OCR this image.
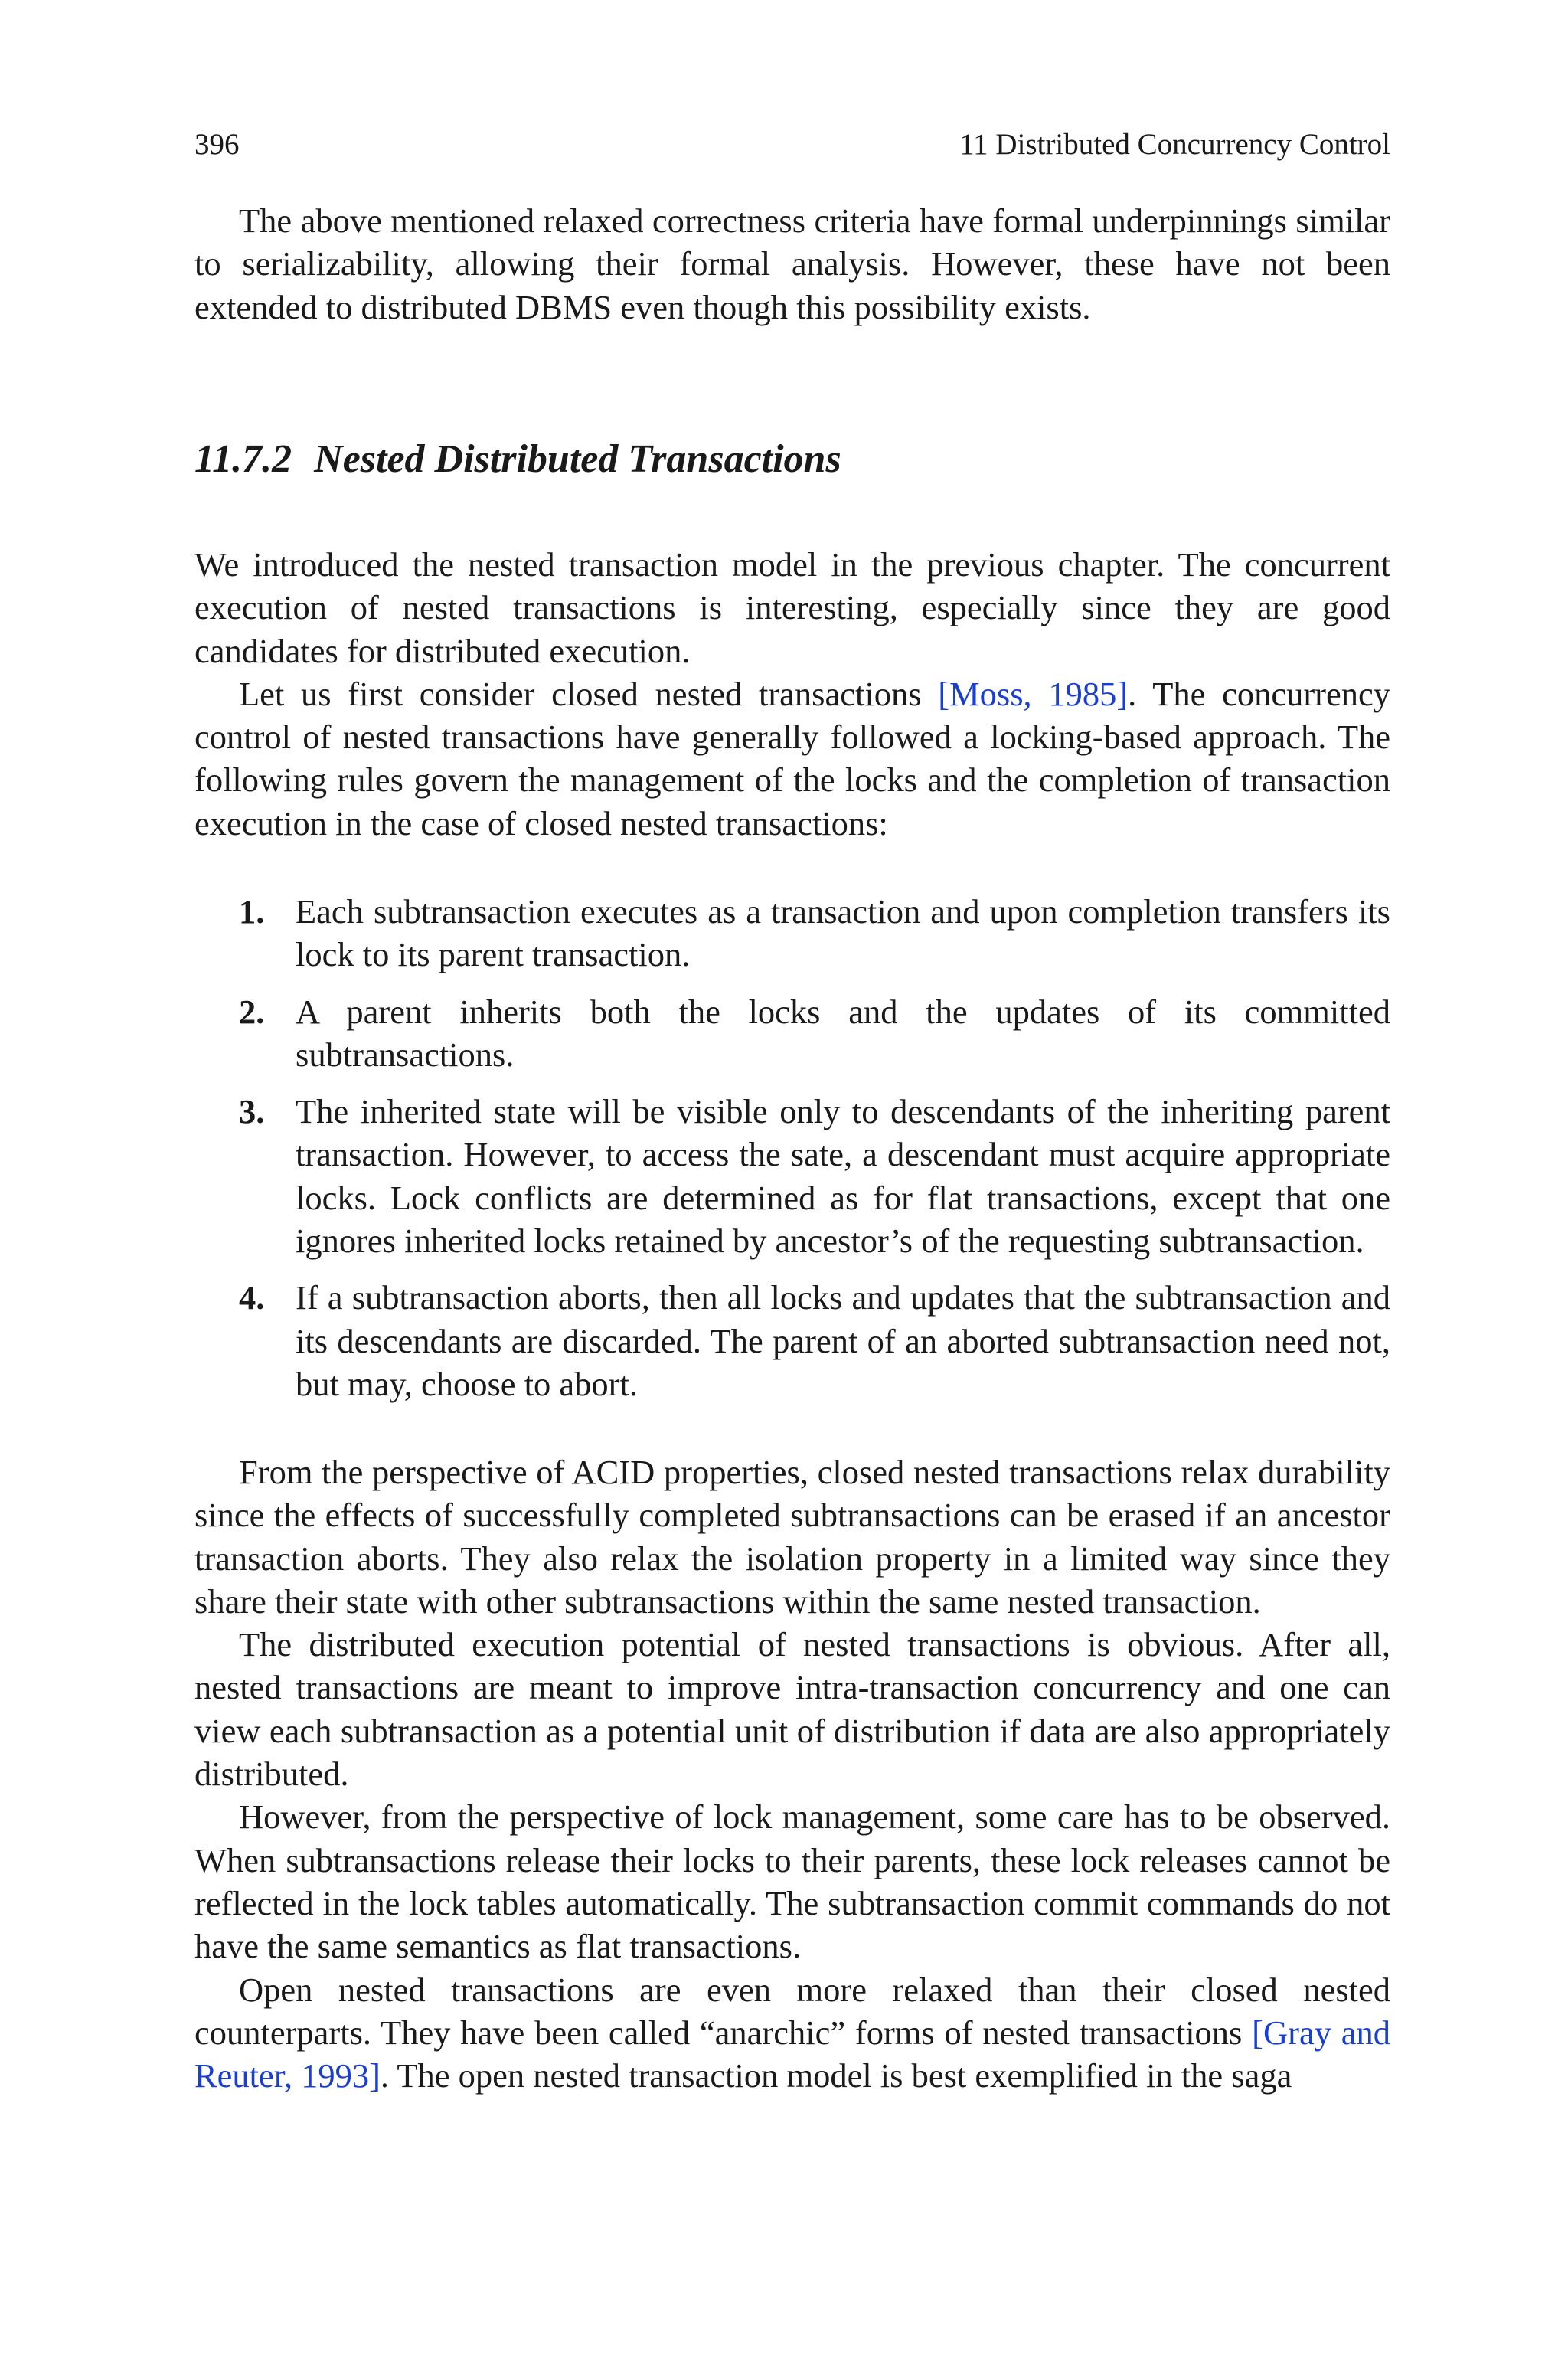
396	11 Distributed Concurrency Control

The above mentioned relaxed correctness criteria have formal underpinnings similar to serializability, allowing their formal analysis. However, these have not been extended to distributed DBMS even though this possibility exists.

11.7.2 Nested Distributed Transactions

We introduced the nested transaction model in the previous chapter. The concurrent execution of nested transactions is interesting, especially since they are good candidates for distributed execution.

Let us first consider closed nested transactions [Moss, 1985]. The concurrency control of nested transactions have generally followed a locking-based approach. The following rules govern the management of the locks and the completion of transaction execution in the case of closed nested transactions:

1. Each subtransaction executes as a transaction and upon completion transfers its lock to its parent transaction.
2. A parent inherits both the locks and the updates of its committed subtransactions.
3. The inherited state will be visible only to descendants of the inheriting parent transaction. However, to access the sate, a descendant must acquire appropriate locks. Lock conflicts are determined as for flat transactions, except that one ignores inherited locks retained by ancestor’s of the requesting subtransaction.
4. If a subtransaction aborts, then all locks and updates that the subtransaction and its descendants are discarded. The parent of an aborted subtransaction need not, but may, choose to abort.

From the perspective of ACID properties, closed nested transactions relax durability since the effects of successfully completed subtransactions can be erased if an ancestor transaction aborts. They also relax the isolation property in a limited way since they share their state with other subtransactions within the same nested transaction.

The distributed execution potential of nested transactions is obvious. After all, nested transactions are meant to improve intra-transaction concurrency and one can view each subtransaction as a potential unit of distribution if data are also appropriately distributed.

However, from the perspective of lock management, some care has to be observed. When subtransactions release their locks to their parents, these lock releases cannot be reflected in the lock tables automatically. The subtransaction commit commands do not have the same semantics as flat transactions.

Open nested transactions are even more relaxed than their closed nested counterparts. They have been called “anarchic” forms of nested transactions [Gray and Reuter, 1993]. The open nested transaction model is best exemplified in the saga
